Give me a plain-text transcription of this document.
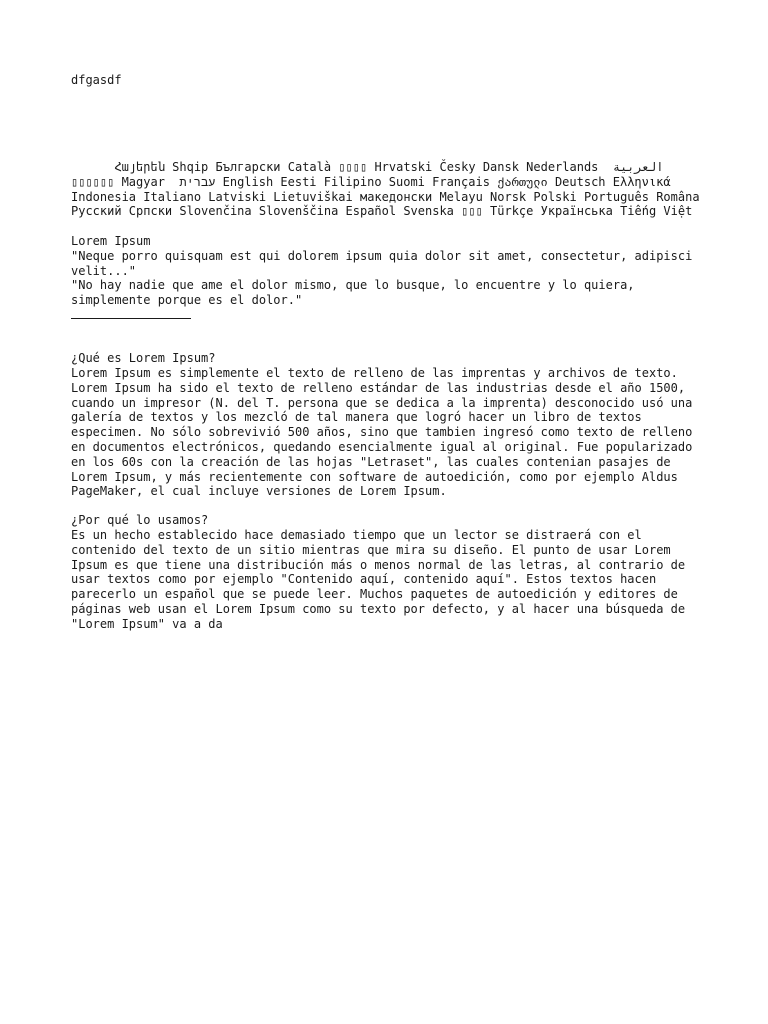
dfgasdf
Հայերեն Shqip Български Català ▯▯▯▯ Hrvatski Česky Dansk Nederlands  العربية ▯▯▯▯▯▯ Magyar  עברית English Eesti Filipino Suomi Français ქართული Deutsch Ελληνικά Indonesia Italiano Latviski Lietuviškai македонски Melayu Norsk Polski Português Româna Русский Српски Slovenčina Slovenščina Español Svenska ▯▯▯ Türkçe Українська Tiếng Việt
Lorem Ipsum
"Neque porro quisquam est qui dolorem ipsum quia dolor sit amet, consectetur, adipisci velit..."
"No hay nadie que ame el dolor mismo, que lo busque, lo encuentre y lo quiera, simplemente porque es el dolor."
¿Qué es Lorem Ipsum?
Lorem Ipsum es simplemente el texto de relleno de las imprentas y archivos de texto. Lorem Ipsum ha sido el texto de relleno estándar de las industrias desde el año 1500, cuando un impresor (N. del T. persona que se dedica a la imprenta) desconocido usó una galería de textos y los mezcló de tal manera que logró hacer un libro de textos especimen. No sólo sobrevivió 500 años, sino que tambien ingresó como texto de relleno en documentos electrónicos, quedando esencialmente igual al original. Fue popularizado en los 60s con la creación de las hojas "Letraset", las cuales contenian pasajes de Lorem Ipsum, y más recientemente con software de autoedición, como por ejemplo Aldus PageMaker, el cual incluye versiones de Lorem Ipsum.
¿Por qué lo usamos?
Es un hecho establecido hace demasiado tiempo que un lector se distraerá con el contenido del texto de un sitio mientras que mira su diseño. El punto de usar Lorem Ipsum es que tiene una distribución más o menos normal de las letras, al contrario de usar textos como por ejemplo "Contenido aquí, contenido aquí". Estos textos hacen parecerlo un español que se puede leer. Muchos paquetes de autoedición y editores de páginas web usan el Lorem Ipsum como su texto por defecto, y al hacer una búsqueda de "Lorem Ipsum" va a da
